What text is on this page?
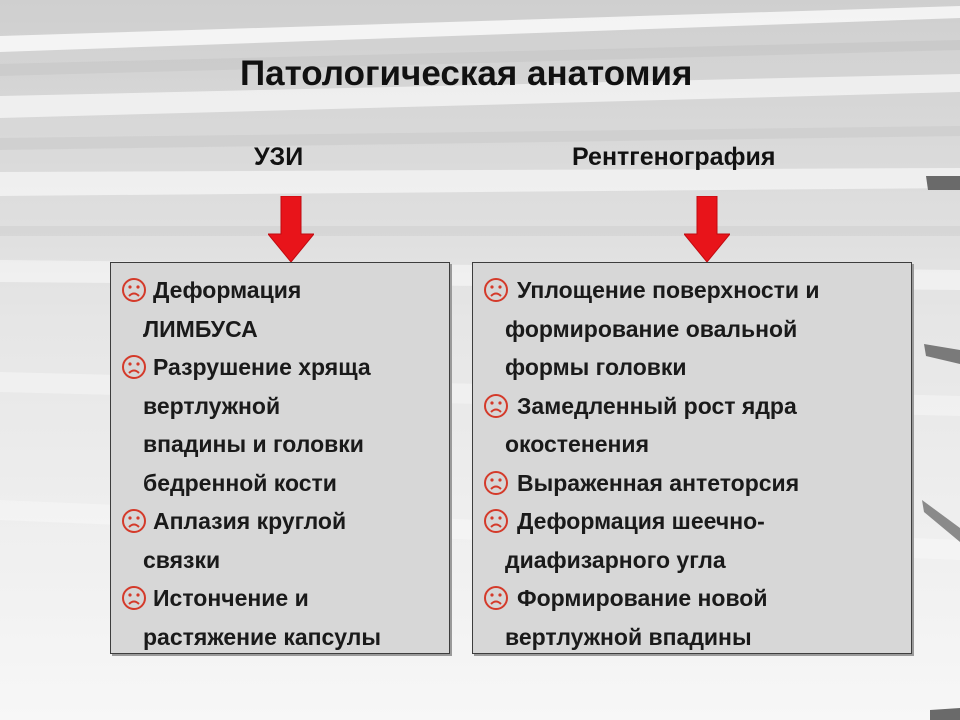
Патологическая анатомия
УЗИ	Рентгенография
Деформация
ЛИМБУСА
Разрушение хряща
вертлужной
впадины и головки
бедренной кости
Аплазия круглой
связки
Истончение и
растяжение капсулы
Уплощение поверхности и
формирование овальной
формы головки
Замедленный рост ядра
окостенения
Выраженная антеторсия
Деформация шеечно-
диафизарного угла
Формирование новой
вертлужной впадины
